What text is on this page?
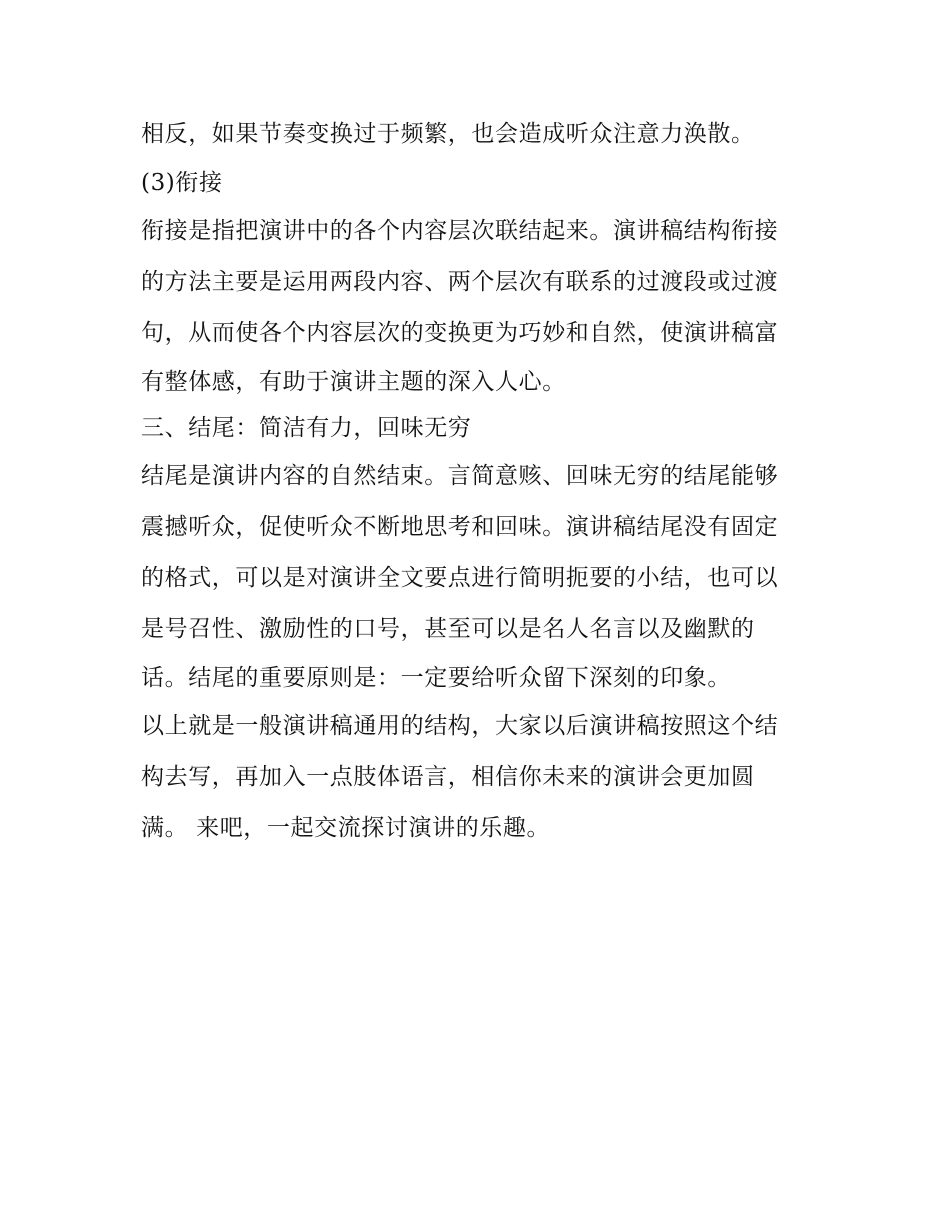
相反，如果节奏变换过于频繁，也会造成听众注意力涣散。
(3)衔接
衔接是指把演讲中的各个内容层次联结起来。演讲稿结构衔接
的方法主要是运用两段内容、两个层次有联系的过渡段或过渡
句，从而使各个内容层次的变换更为巧妙和自然，使演讲稿富
有整体感，有助于演讲主题的深入人心。
三、结尾：简洁有力，回味无穷
结尾是演讲内容的自然结束。言简意赅、回味无穷的结尾能够
震撼听众，促使听众不断地思考和回味。演讲稿结尾没有固定
的格式，可以是对演讲全文要点进行简明扼要的小结，也可以
是号召性、激励性的口号，甚至可以是名人名言以及幽默的
话。结尾的重要原则是：一定要给听众留下深刻的印象。
以上就是一般演讲稿通用的结构，大家以后演讲稿按照这个结
构去写，再加入一点肢体语言，相信你未来的演讲会更加圆
满。 来吧，一起交流探讨演讲的乐趣。
